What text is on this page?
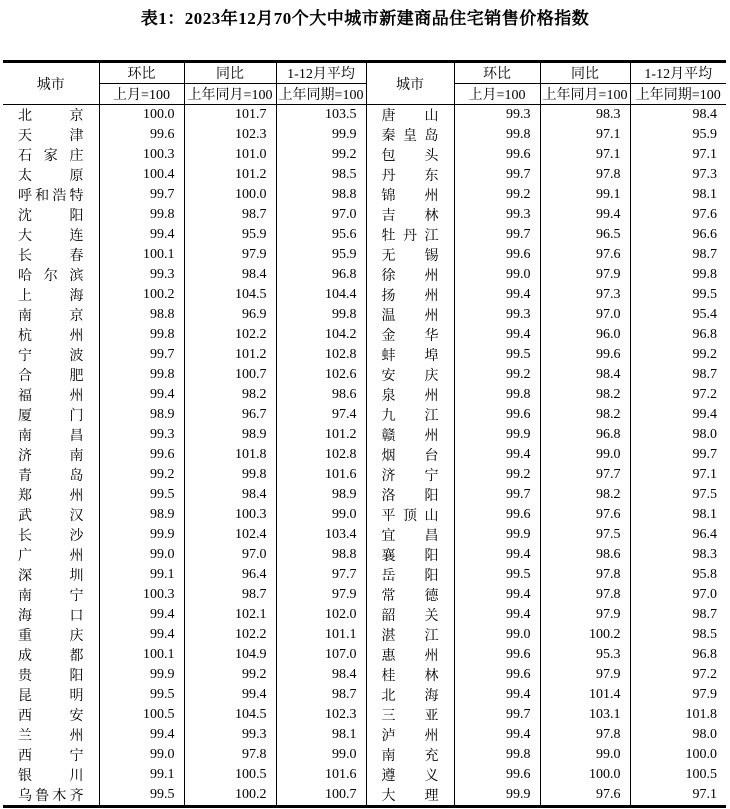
表1：2023年12月70个大中城市新建商品住宅销售价格指数
城市	环比	同比	1-12月平均	城市	环比	同比	1-12月平均
	上月=100	上年同月=100	上年同期=100		上月=100	上年同月=100	上年同期=100

北 京	100.0	101.7	103.5	唐 山	99.3	98.3	98.4

天 津	99.6	102.3	99.9	秦 皇 岛	99.8	97.1	95.9

石 家 庄	100.3	101.0	99.2	包 头	99.6	97.1	97.1

太 原	100.4	101.2	98.5	丹 东	99.7	97.8	97.3

呼 和 浩 特	99.7	100.0	98.8	锦 州	99.2	99.1	98.1

沈 阳	99.8	98.7	97.0	吉 林	99.3	99.4	97.6

大 连	99.4	95.9	95.6	牡 丹 江	99.7	96.5	96.6

长 春	100.1	97.9	95.9	无 锡	99.6	97.6	98.7

哈 尔 滨	99.3	98.4	96.8	徐 州	99.0	97.9	99.8

上 海	100.2	104.5	104.4	扬 州	99.4	97.3	99.5

南 京	98.8	96.9	99.8	温 州	99.3	97.0	95.4

杭 州	99.8	102.2	104.2	金 华	99.4	96.0	96.8

宁 波	99.7	101.2	102.8	蚌 埠	99.5	99.6	99.2

合 肥	99.8	100.7	102.6	安 庆	99.2	98.4	98.7

福 州	99.4	98.2	98.6	泉 州	99.8	98.2	97.2

厦 门	98.9	96.7	97.4	九 江	99.6	98.2	99.4

南 昌	99.3	98.9	101.2	赣 州	99.9	96.8	98.0

济 南	99.6	101.8	102.8	烟 台	99.4	99.0	99.7

青 岛	99.2	99.8	101.6	济 宁	99.2	97.7	97.1

郑 州	99.5	98.4	98.9	洛 阳	99.7	98.2	97.5

武 汉	98.9	100.3	99.0	平 顶 山	99.6	97.6	98.1

长 沙	99.9	102.4	103.4	宜 昌	99.9	97.5	96.4

广 州	99.0	97.0	98.8	襄 阳	99.4	98.6	98.3

深 圳	99.1	96.4	97.7	岳 阳	99.5	97.8	95.8

南 宁	100.3	98.7	97.9	常 德	99.4	97.8	97.0

海 口	99.4	102.1	102.0	韶 关	99.4	97.9	98.7

重 庆	99.4	102.2	101.1	湛 江	99.0	100.2	98.5

成 都	100.1	104.9	107.0	惠 州	99.6	95.3	96.8

贵 阳	99.9	99.2	98.4	桂 林	99.6	97.9	97.2

昆 明	99.5	99.4	98.7	北 海	99.4	101.4	97.9

西 安	100.5	104.5	102.3	三 亚	99.7	103.1	101.8

兰 州	99.4	99.3	98.1	泸 州	99.4	97.8	98.0

西 宁	99.0	97.8	99.0	南 充	99.8	99.0	100.0

银 川	99.1	100.5	101.6	遵 义	99.6	100.0	100.5

乌 鲁 木 齐	99.5	100.2	100.7	大 理	99.9	97.6	97.1
